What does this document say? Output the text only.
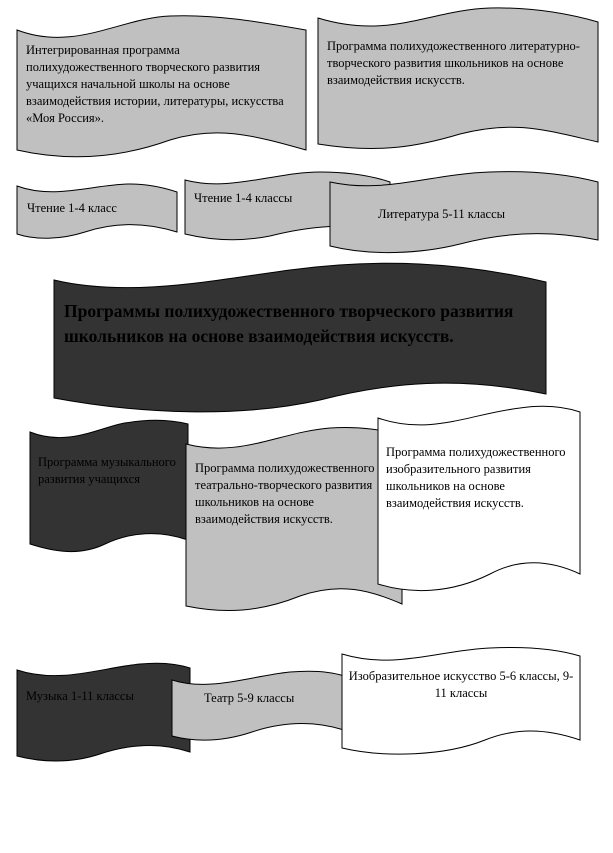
Интегрированная программа полихудожественного творческого развития учащихся начальной школы на основе взаимодействия истории, литературы, искусства «Моя Россия».

Программа полихудожественного литературно-творческого развития школьников на основе взаимодействия искусств.

Чтение 1-4 класс

Чтение 1-4 классы

Литература 5-11 классы

Программы полихудожественного творческого развития школьников на основе взаимодействия искусств.

Программа музыкального развития учащихся

Программа полихудожественного театрально-творческого развития школьников на основе взаимодействия искусств.

Программа полихудожественного изобразительного развития школьников на основе взаимодействия искусств.

Музыка 1-11 классы	Театр 5-9 классы

Изобразительное искусство 5-6 классы, 9-11 классы
